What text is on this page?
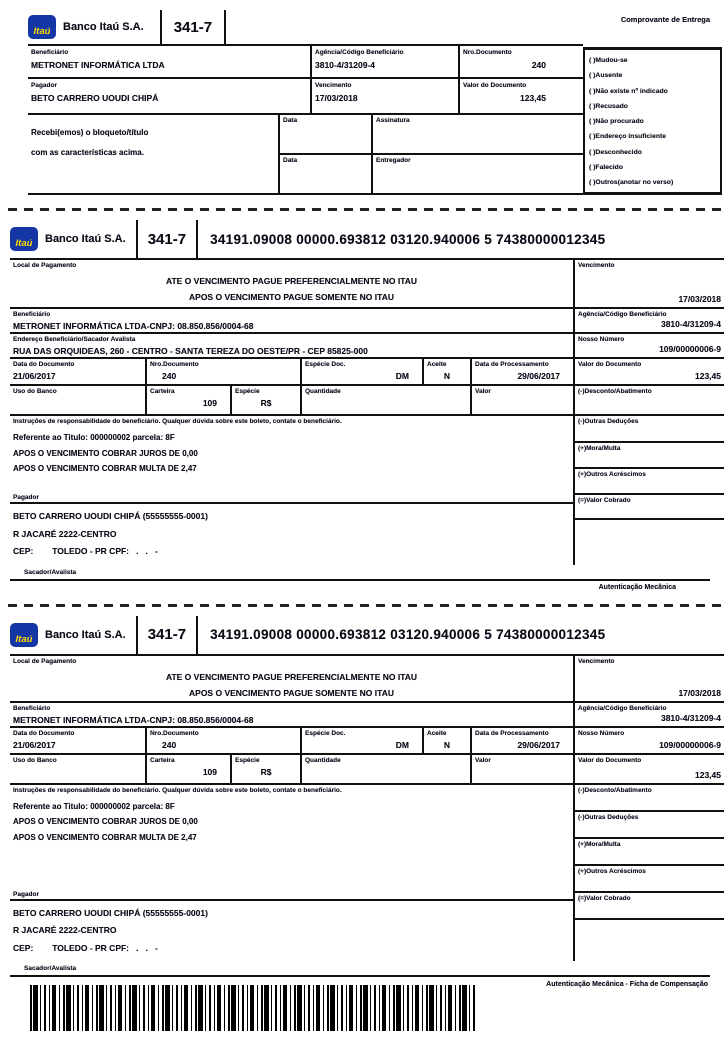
Comprovante de Entrega
Itaú	Banco Itaú S.A.	341-7
Beneficiário
METRONET INFORMÁTICA LTDA
Agência/Código Beneficiário
3810-4/31209-4
Nro.Documento
240
Pagador
BETO CARRERO UOUDI CHIPÁ
Vencimento
17/03/2018
Valor do Documento
123,45
Recebi(emos) o bloqueto/título
com as características acima.
Data
Data
Assinatura
Entregador
( )Mudou-se
( )Ausente
( )Não existe nº indicado
( )Recusado
( )Não procurado
( )Endereço insuficiente
( )Desconhecido
( )Falecido
( )Outros(anotar no verso)
Itaú	Banco Itaú S.A.	341-7	34191.09008 00000.693812 03120.940006 5 74380000012345
Local de Pagamento
ATE O VENCIMENTO PAGUE PREFERENCIALMENTE NO ITAU
APOS O VENCIMENTO PAGUE SOMENTE NO ITAU
Beneficiário
METRONET INFORMÁTICA LTDA-CNPJ: 08.850.856/0004-68
Endereço Beneficiário/Sacador Avalista
RUA DAS ORQUIDEAS, 260 - CENTRO - SANTA TEREZA DO OESTE/PR - CEP 85825-000
Data do Documento
21/06/2017
Nro.Documento
240
Espécie Doc.
DM
Aceite
N
Data de Processamento
29/06/2017
Uso do Banco	Carteira
109
Espécie
R$
Quantidade	Valor
Instruções de responsabilidade do beneficiário. Qualquer dúvida sobre este boleto, contate o beneficiário.
Referente ao Titulo: 000000002 parcela: 8F
APOS O VENCIMENTO COBRAR JUROS DE 0,00
APOS O VENCIMENTO COBRAR MULTA DE 2,47
Pagador
BETO CARRERO UOUDI CHIPÁ (55555555-0001)
R JACARÉ 2222-CENTRO
CEP:        TOLEDO - PR CPF:   .   .   -
Vencimento
17/03/2018
Agência/Código Beneficiário
3810-4/31209-4
Nosso Número
109/00000006-9
Valor do Documento
123,45
(-)Desconto/Abatimento
(-)Outras Deduções
(+)Mora/Multa
(+)Outros Acréscimos
(=)Valor Cobrado
Sacador/Avalista
Autenticação Mecânica
Itaú	Banco Itaú S.A.	341-7	34191.09008 00000.693812 03120.940006 5 74380000012345
Local de Pagamento
ATE O VENCIMENTO PAGUE PREFERENCIALMENTE NO ITAU
APOS O VENCIMENTO PAGUE SOMENTE NO ITAU
Beneficiário
METRONET INFORMÁTICA LTDA-CNPJ: 08.850.856/0004-68
Data do Documento
21/06/2017
Nro.Documento
240
Espécie Doc.
DM
Aceite
N
Data de Processamento
29/06/2017
Uso do Banco	Carteira
109
Espécie
R$
Quantidade	Valor
Instruções de responsabilidade do beneficiário. Qualquer dúvida sobre este boleto, contate o beneficiário.
Referente ao Titulo: 000000002 parcela: 8F
APOS O VENCIMENTO COBRAR JUROS DE 0,00
APOS O VENCIMENTO COBRAR MULTA DE 2,47
Pagador
BETO CARRERO UOUDI CHIPÁ (55555555-0001)
R JACARÉ 2222-CENTRO
CEP:        TOLEDO - PR CPF:   .   .   -
Vencimento
17/03/2018
Agência/Código Beneficiário
3810-4/31209-4
Nosso Número
109/00000006-9
Valor do Documento
123,45
(-)Desconto/Abatimento
(-)Outras Deduções
(+)Mora/Multa
(+)Outros Acréscimos
(=)Valor Cobrado
Sacador/Avalista
Autenticação Mecânica - Ficha de Compensação
